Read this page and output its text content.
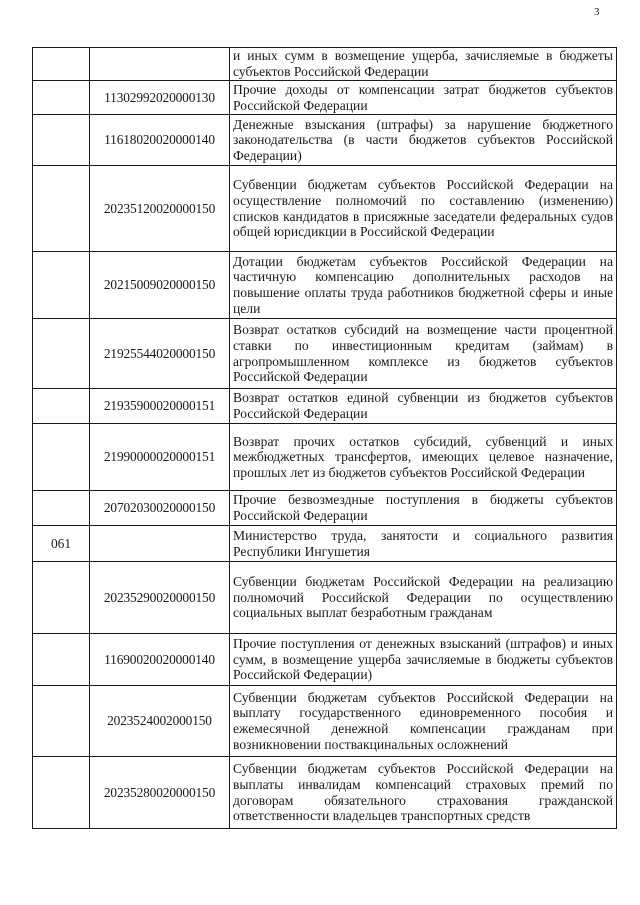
3
		и иных сумм в возмещение ущерба, зачисляемые в бюджеты субъектов Российской Федерации
	11302992020000130	Прочие доходы от компенсации затрат бюджетов субъектов Российской Федерации
	11618020020000140	Денежные взыскания (штрафы) за нарушение бюджетного законодательства (в части бюджетов субъектов Российской Федерации)
	20235120020000150	Субвенции бюджетам субъектов Российской Федерации на осуществление полномочий по составлению (изменению) списков кандидатов в присяжные заседатели федеральных судов общей юрисдикции в Российской Федерации
	20215009020000150	Дотации бюджетам субъектов Российской Федерации на частичную компенсацию дополнительных расходов на повышение оплаты труда работников бюджетной сферы и иные цели
	21925544020000150	Возврат остатков субсидий на возмещение части процентной ставки по инвестиционным кредитам (займам) в агропромышленном комплексе из бюджетов субъектов Российской Федерации
	21935900020000151	Возврат остатков единой субвенции из бюджетов субъектов Российской Федерации
	21990000020000151	Возврат прочих остатков субсидий, субвенций и иных межбюджетных трансфертов, имеющих целевое назначение, прошлых лет из бюджетов субъектов Российской Федерации
	20702030020000150	Прочие безвозмездные поступления в бюджеты субъектов Российской Федерации
061		Министерство труда, занятости и социального развития Республики Ингушетия
	20235290020000150	Субвенции бюджетам Российской Федерации на реализацию полномочий Российской Федерации по осуществлению социальных выплат безработным гражданам
	11690020020000140	Прочие поступления от денежных взысканий (штрафов) и иных сумм, в возмещение ущерба зачисляемые в бюджеты субъектов Российской Федерации)
	2023524002000150	Субвенции бюджетам субъектов Российской Федерации на выплату государственного единовременного пособия и ежемесячной денежной компенсации гражданам при возникновении поствакцинальных осложнений
	20235280020000150	Субвенции бюджетам субъектов Российской Федерации на выплаты инвалидам компенсаций страховых премий по договорам обязательного страхования гражданской ответственности владельцев транспортных средств
